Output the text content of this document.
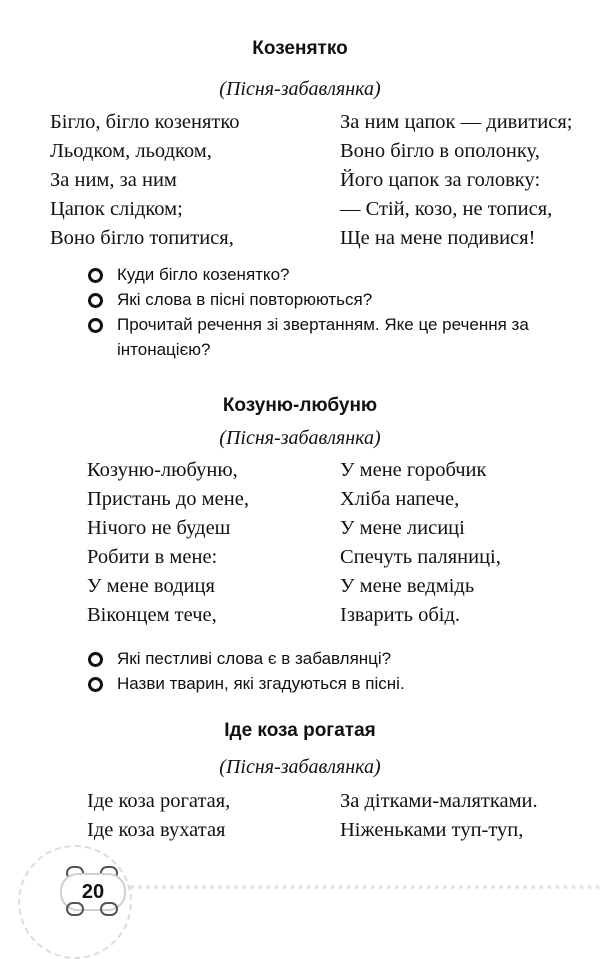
Козенятко
(Пісня-забавлянка)
Бігло, бігло козенятко
Льодком, льодком,
За ним, за ним
Цапок слідком;
Воно бігло топитися,
За ним цапок — дивитися;
Воно бігло в ополонку,
Його цапок за головку:
— Стій, козо, не топися,
Ще на мене подивися!
Куди бігло козенятко?
Які слова в пісні повторюються?
Прочитай речення зі звертанням. Яке це речення за інтонацією?
Козуню-любуню
(Пісня-забавлянка)
Козуню-любуню,
Пристань до мене,
Нічого не будеш
Робити в мене:
У мене водиця
Віконцем тече,
У мене горобчик
Хліба напече,
У мене лисиці
Спечуть паляниці,
У мене ведмідь
Ізварить обід.
Які пестливі слова є в забавлянці?
Назви тварин, які згадуються в пісні.
Іде коза рогатая
(Пісня-забавлянка)
Іде коза рогатая,
Іде коза вухатая
За дітками-малятками.
Ніженьками туп-туп,
20
